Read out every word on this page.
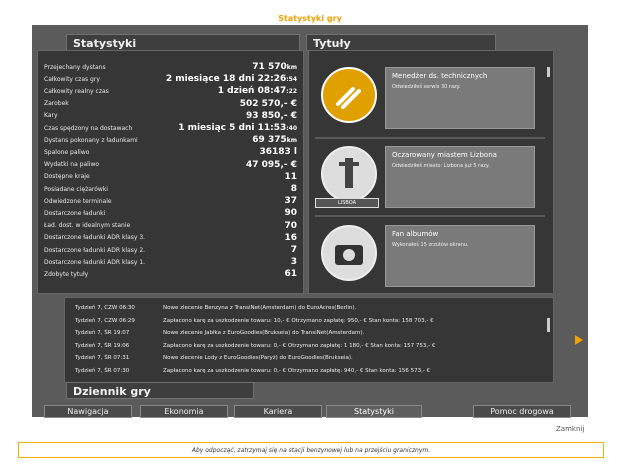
Statystyki gry
Statystyki	Tytuły
Przejechany dystans	71 570km
Całkowity czas gry	2 miesiące 18 dni 22:26:54
Całkowity realny czas	1 dzień 08:47:22
Zarobek	502 570,- €
Kary	93 850,- €
Czas spędzony na dostawach	1 miesiąc 5 dni 11:53:40
Dystans pokonany z ładunkami	69 375km
Spalone paliwo	36183 l
Wydatki na paliwo	47 095,- €
Dostępne kraje	11
Posiadane ciężarówki	8
Odwiedzone terminale	37
Dostarczone ładunki	90
Ład. dost. w idealnym stanie	70
Dostarczone ładunki ADR klasy 3.	16
Dostarczone ładunki ADR klasy 2.	7
Dostarczone ładunki ADR klasy 1.	3
Zdobyte tytuły	61
Menedżer ds. technicznych
Odwiedziłeś serwis 30 razy.
LISBOA
Oczarowany miastem Lizbona
Odwiedziłeś miasto: Lizbona już 5 razy.
Fan albumów
Wykonałeś 15 zrzutów ekranu.
Tydzień 7, CZW 06:30	Nowe zlecenie Benzyna z TransiNet(Amsterdam) do EuroAcres(Berlin).
Tydzień 7, CZW 06:29	Zapłacono karę za uszkodzenie towaru: 10,- € Otrzymano zapłatę: 950,- € Stan konta: 158 703,- €
Tydzień 7, ŚR 19:07	Nowe zlecenie Jabłka z EuroGoodies(Brukseia) do TransiNet(Amsterdam).
Tydzień 7, ŚR 19:06	Zapłacono karę za uszkodzenie towaru: 0,- € Otrzymano zapłatę: 1 180,- € Stan konta: 157 753,- €
Tydzień 7, ŚR 07:31	Nowe zlecenie Lody z EuroGoodies(Paryż) do EuroGoodies(Brukseia).
Tydzień 7, ŚR 07:30	Zapłacono karę za uszkodzenie towaru: 0,- € Otrzymano zapłatę: 940,- € Stan konta: 156 573,- €
Dziennik gry
Nawigacja	Ekonomia	Kariera	Statystyki	Pomoc drogowa
Zamknij
Aby odpocząć, zatrzymaj się na stacji benzynowej lub na przejściu granicznym.
